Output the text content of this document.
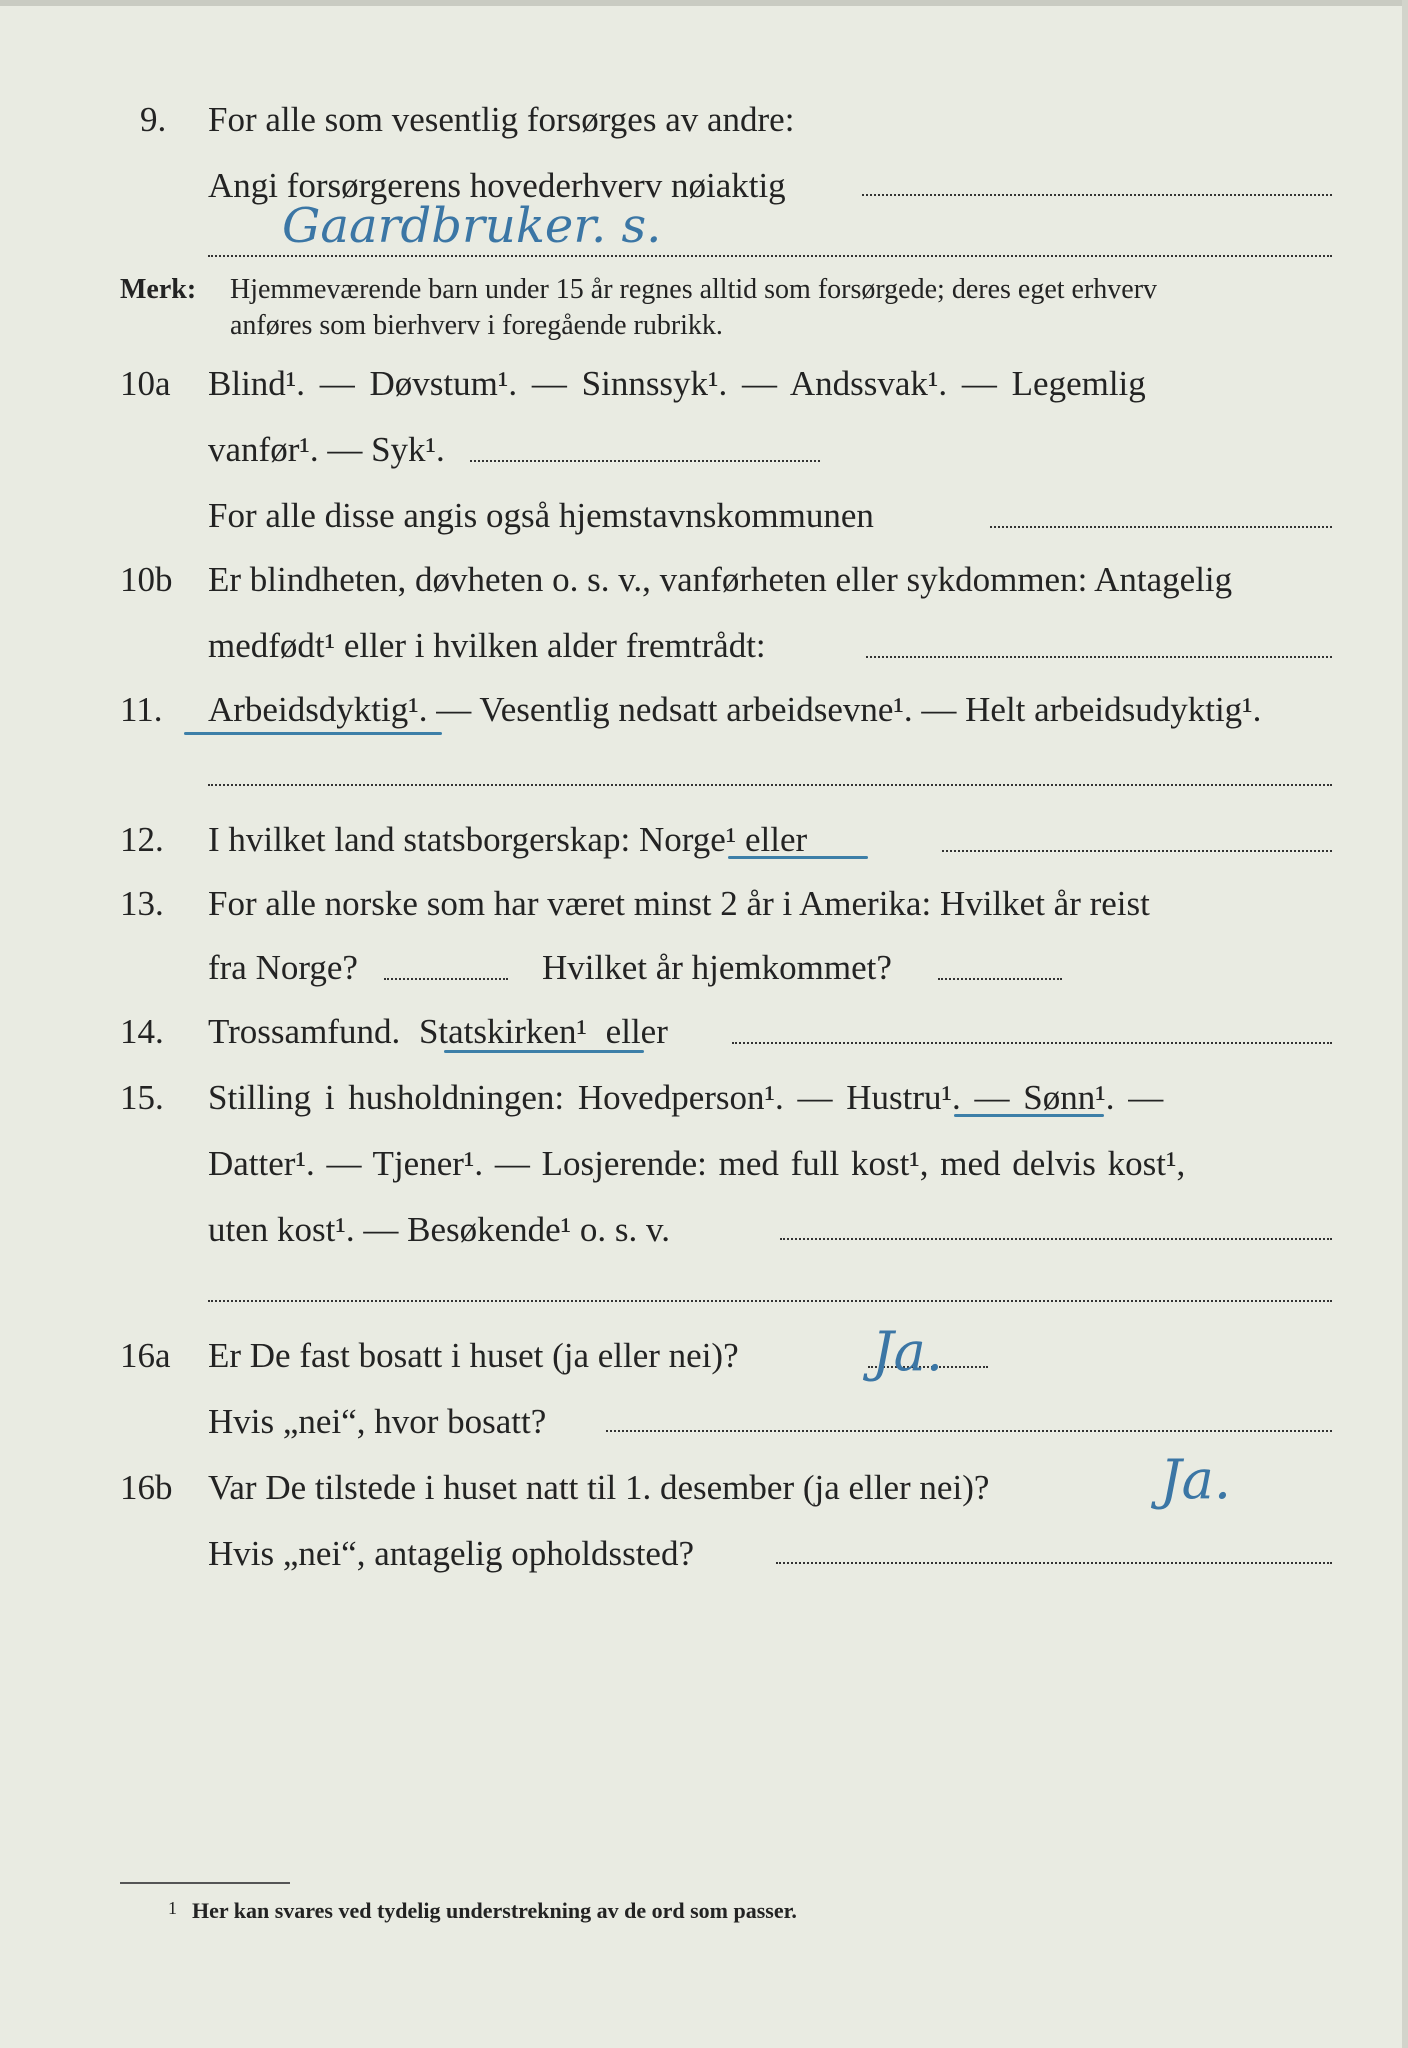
9. For alle som vesentlig forsørges av andre:
Angi forsørgerens hovederhverv nøiaktig
Gaardbruker. s.
Merk: Hjemmeværende barn under 15 år regnes alltid som forsørgede; deres eget erhverv
anføres som bierhverv i foregående rubrikk.
10a Blind¹. — Døvstum¹. — Sinnssyk¹. — Andssvak¹. — Legemlig
vanfør¹. — Syk¹.
For alle disse angis også hjemstavnskommunen
10b Er blindheten, døvheten o. s. v., vanførheten eller sykdommen: Antagelig
medfødt¹ eller i hvilken alder fremtrådt:
11. Arbeidsdyktig¹. — Vesentlig nedsatt arbeidsevne¹. — Helt arbeidsudyktig¹.
12. I hvilket land statsborgerskap: Norge¹ eller
13. For alle norske som har været minst 2 år i Amerika: Hvilket år reist
fra Norge?	Hvilket år hjemkommet?
14. Trossamfund. Statskirken¹ eller
15. Stilling i husholdningen: Hovedperson¹. — Hustru¹. — Sønn¹. —
Datter¹. — Tjener¹. — Losjerende: med full kost¹, med delvis kost¹,
uten kost¹. — Besøkende¹ o. s. v.
16a Er De fast bosatt i huset (ja eller nei)? Ja.
Hvis „nei“, hvor bosatt?
16b Var De tilstede i huset natt til 1. desember (ja eller nei)?	Ja.
Hvis „nei“, antagelig opholdssted?
1 Her kan svares ved tydelig understrekning av de ord som passer.
